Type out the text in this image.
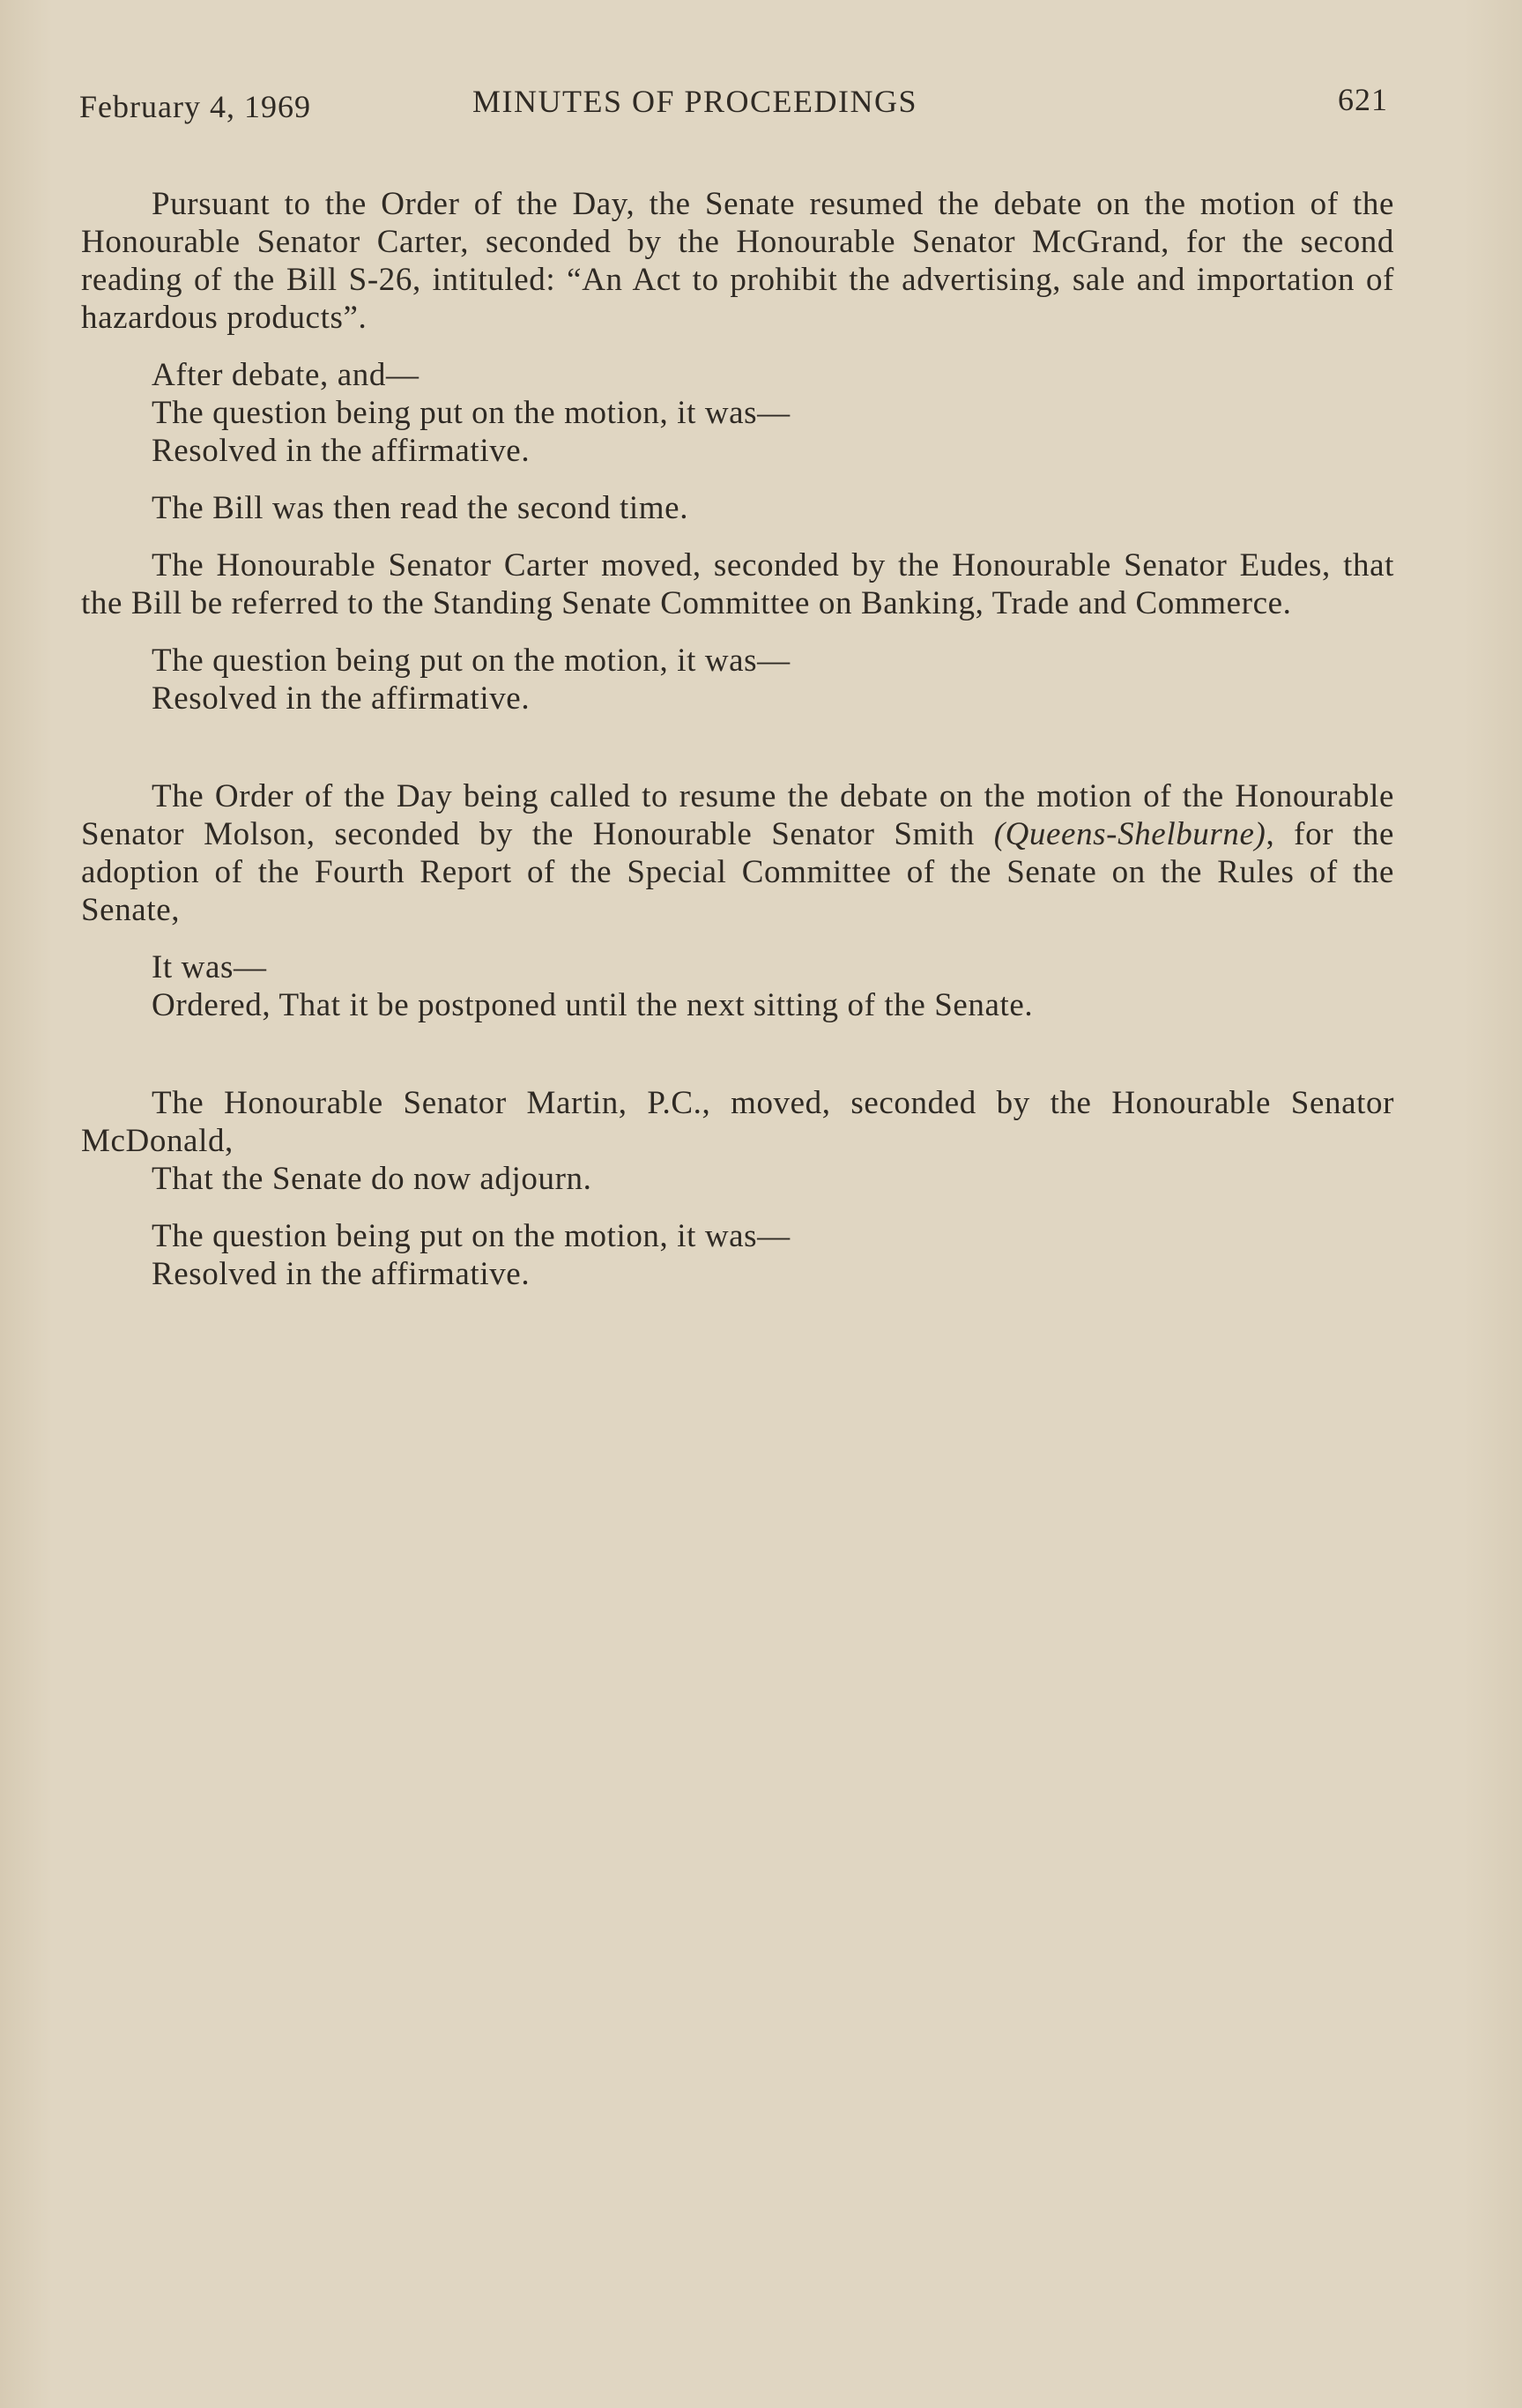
February 4, 1969	MINUTES OF PROCEEDINGS	621

Pursuant to the Order of the Day, the Senate resumed the debate on the motion of the Honourable Senator Carter, seconded by the Honourable Senator McGrand, for the second reading of the Bill S-26, intituled: “An Act to prohibit the advertising, sale and importation of hazardous products”.

After debate, and—
The question being put on the motion, it was—
Resolved in the affirmative.
The Bill was then read the second time.

The Honourable Senator Carter moved, seconded by the Honourable Senator Eudes, that the Bill be referred to the Standing Senate Committee on Banking, Trade and Commerce.

The question being put on the motion, it was—
Resolved in the affirmative.

The Order of the Day being called to resume the debate on the motion of the Honourable Senator Molson, seconded by the Honourable Senator Smith (Queens-Shelburne), for the adoption of the Fourth Report of the Special Committee of the Senate on the Rules of the Senate,

It was—
Ordered, That it be postponed until the next sitting of the Senate.

The Honourable Senator Martin, P.C., moved, seconded by the Honourable Senator McDonald,

That the Senate do now adjourn.
The question being put on the motion, it was—
Resolved in the affirmative.
